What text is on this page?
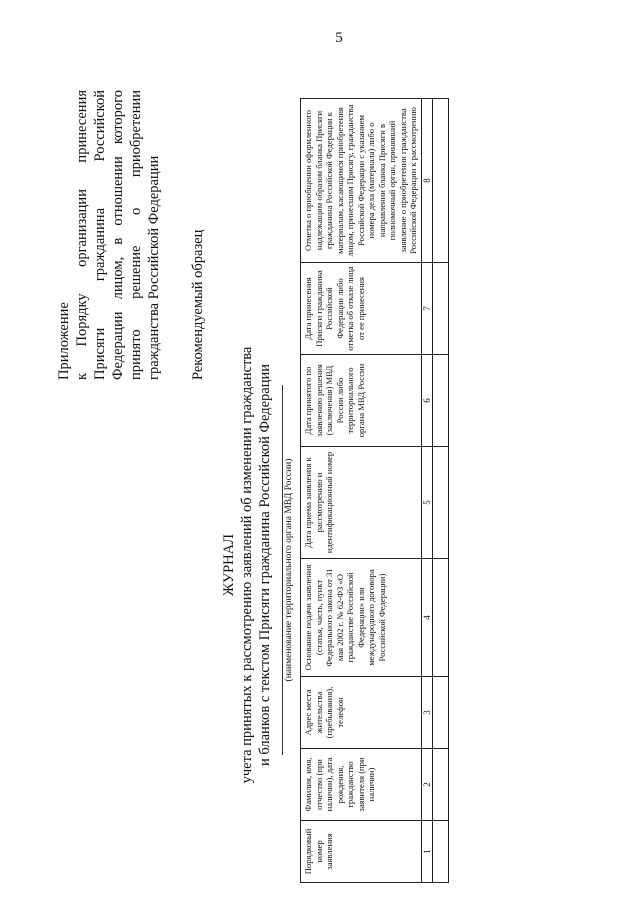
5
Приложение к Порядку организации принесения Присяги гражданина Российской Федерации лицом, в отношении которого принято решение о приобретении гражданства Российской Федерации Рекомендуемый образец
ЖУРНАЛ учета принятых к рассмотрению заявлений об изменении гражданства и бланков с текстом Присяги гражданина Российской Федерации (наименование территориального органа МВД России)
Порядковый номер заявления	Фамилия, имя, отчество (при наличии), дата рождения, гражданство заявителя (при наличии)	Адрес места жительства (пребывания), телефон	Основание подачи заявления (статья, часть, пункт Федерального закона от 31 мая 2002 г. № 62-ФЗ «О гражданстве Российской Федерации» или международного договора Российской Федерации)	Дата приема заявления к рассмотрению и идентификационный номер	Дата принятого по заявлению решения (заключения) МВД России либо территориального органа МВД России	Дата принесения Присяги гражданина Российской Федерации либо отметка об отказе лица от ее принесения	Отметка о приобщении оформленного надлежащим образом бланка Присяги гражданина Российской Федерации к материалам, касающимся приобретения лицом, принесшим Присягу, гражданства Российской Федерации с указанием номера дела (материала) либо о направлении бланка Присяги в полномочный орган, принявший заявление о приобретении гражданства Российской Федерации к рассмотрению
1	2	3	4	5	6	7	8
